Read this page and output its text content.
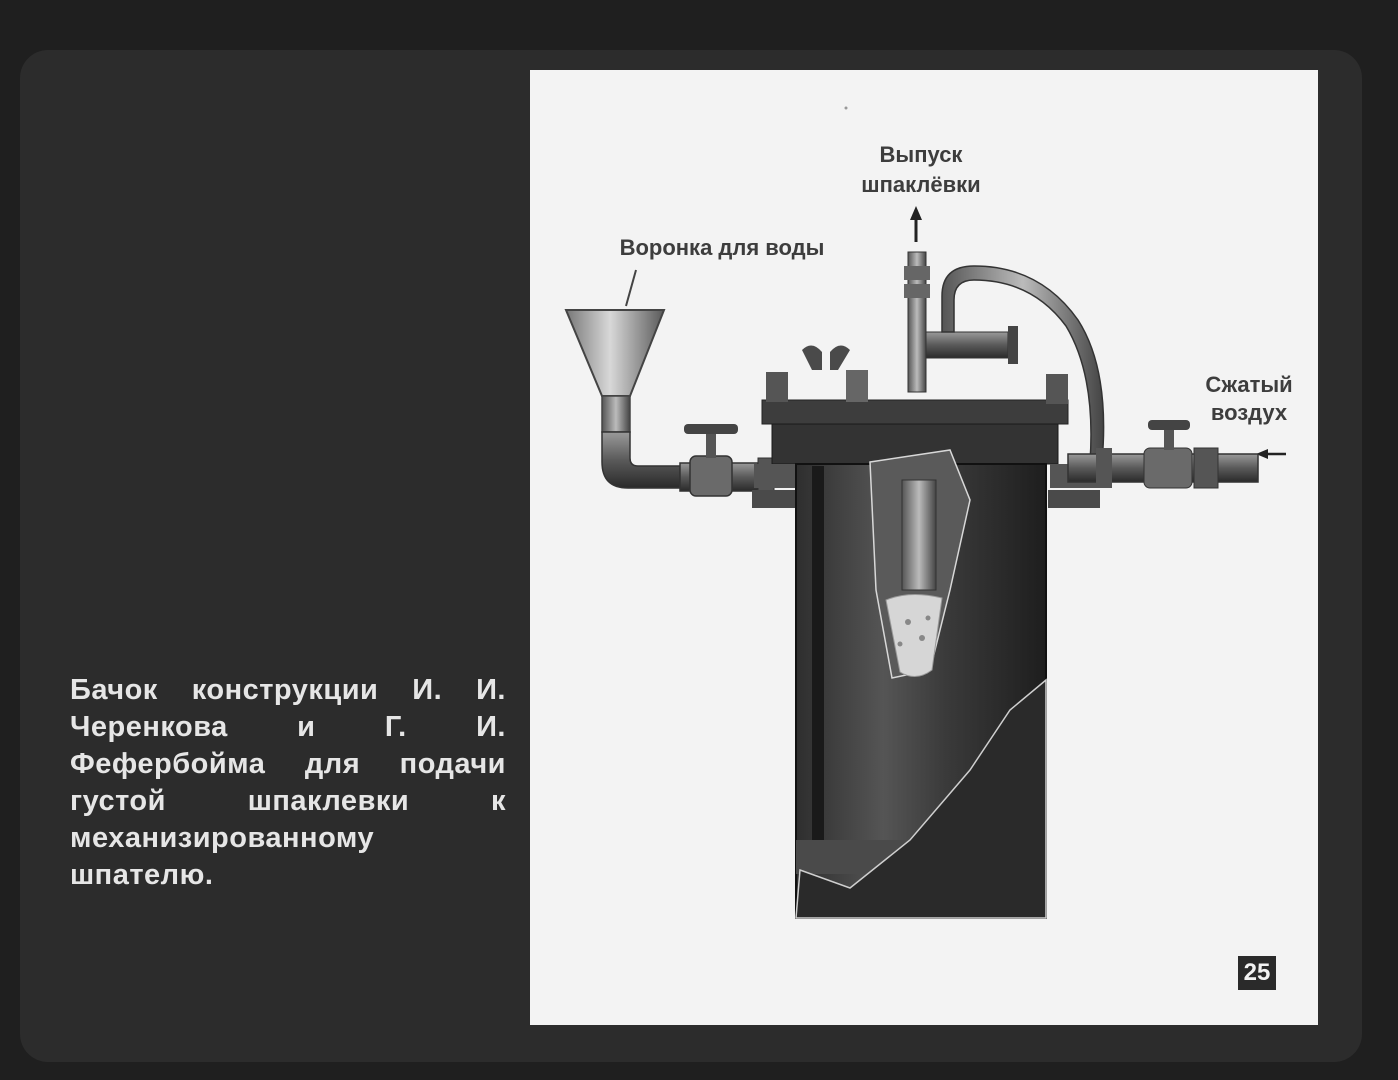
Бачок конструкции И. И. Черенкова и Г. И. Фефербойма для подачи густой шпаклевки к механизированному шпателю.

Воронка для воды
Выпуск
шпаклёвки
Сжатый
воздух
25
